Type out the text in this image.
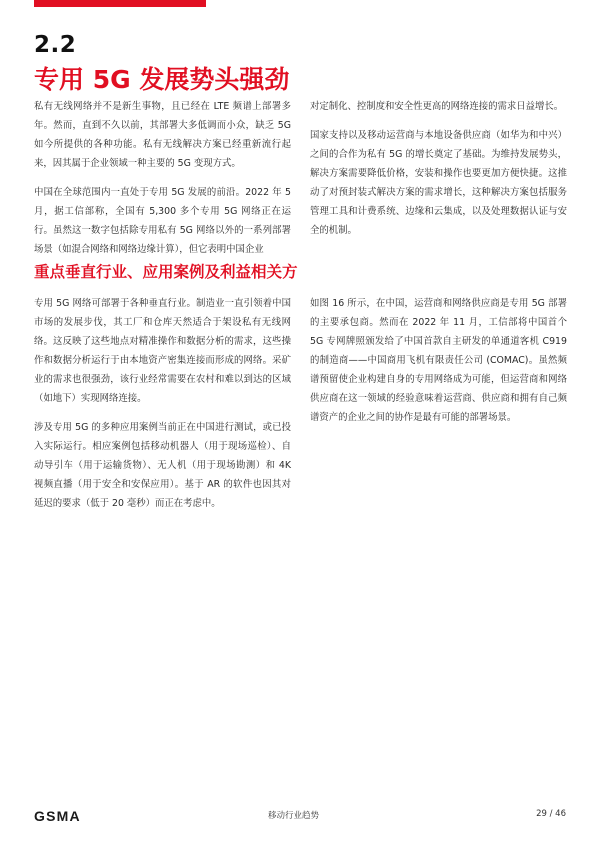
2.2
专用 5G 发展势头强劲

私有无线网络并不是新生事物，且已经在 LTE 频谱上部署多年。然而，直到不久以前，其部署大多低调而小众，缺乏 5G 如今所提供的各种功能。私有无线解决方案已经重新流行起来，因其属于企业领域一种主要的 5G 变现方式。

中国在全球范围内一直处于专用 5G 发展的前沿。2022 年 5 月，据工信部称，全国有 5,300 多个专用 5G 网络正在运行。虽然这一数字包括除专用私有 5G 网络以外的一系列部署场景（如混合网络和网络边缘计算），但它表明中国企业

对定制化、控制度和安全性更高的网络连接的需求日益增长。

国家支持以及移动运营商与本地设备供应商（如华为和中兴）之间的合作为私有 5G 的增长奠定了基础。为维持发展势头，解决方案需要降低价格，安装和操作也要更加方便快捷。这推动了对预封装式解决方案的需求增长，这种解决方案包括服务管理工具和计费系统、边缘和云集成，以及处理数据认证与安全的机制。

重点垂直行业、应用案例及利益相关方

专用 5G 网络可部署于各种垂直行业。制造业一直引领着中国市场的发展步伐，其工厂和仓库天然适合于架设私有无线网络。这反映了这些地点对精准操作和数据分析的需求，这些操作和数据分析运行于由本地资产密集连接而形成的网络。采矿业的需求也很强劲，该行业经常需要在农村和难以到达的区域（如地下）实现网络连接。

涉及专用 5G 的多种应用案例当前正在中国进行测试，或已投入实际运行。相应案例包括移动机器人（用于现场巡检）、自动导引车（用于运输货物）、无人机（用于现场勘测）和 4K 视频直播（用于安全和安保应用）。基于 AR 的软件也因其对延迟的要求（低于 20 毫秒）而正在考虑中。

如图 16 所示，在中国，运营商和网络供应商是专用 5G 部署的主要承包商。然而在 2022 年 11 月，工信部将中国首个 5G 专网牌照颁发给了中国首款自主研发的单通道客机 C919 的制造商——中国商用飞机有限责任公司 (COMAC)。虽然频谱预留使企业构建自身的专用网络成为可能，但运营商和网络供应商在这一领域的经验意味着运营商、供应商和拥有自己频谱资产的企业之间的协作是最有可能的部署场景。

GSMA	移动行业趋势	29 / 46
